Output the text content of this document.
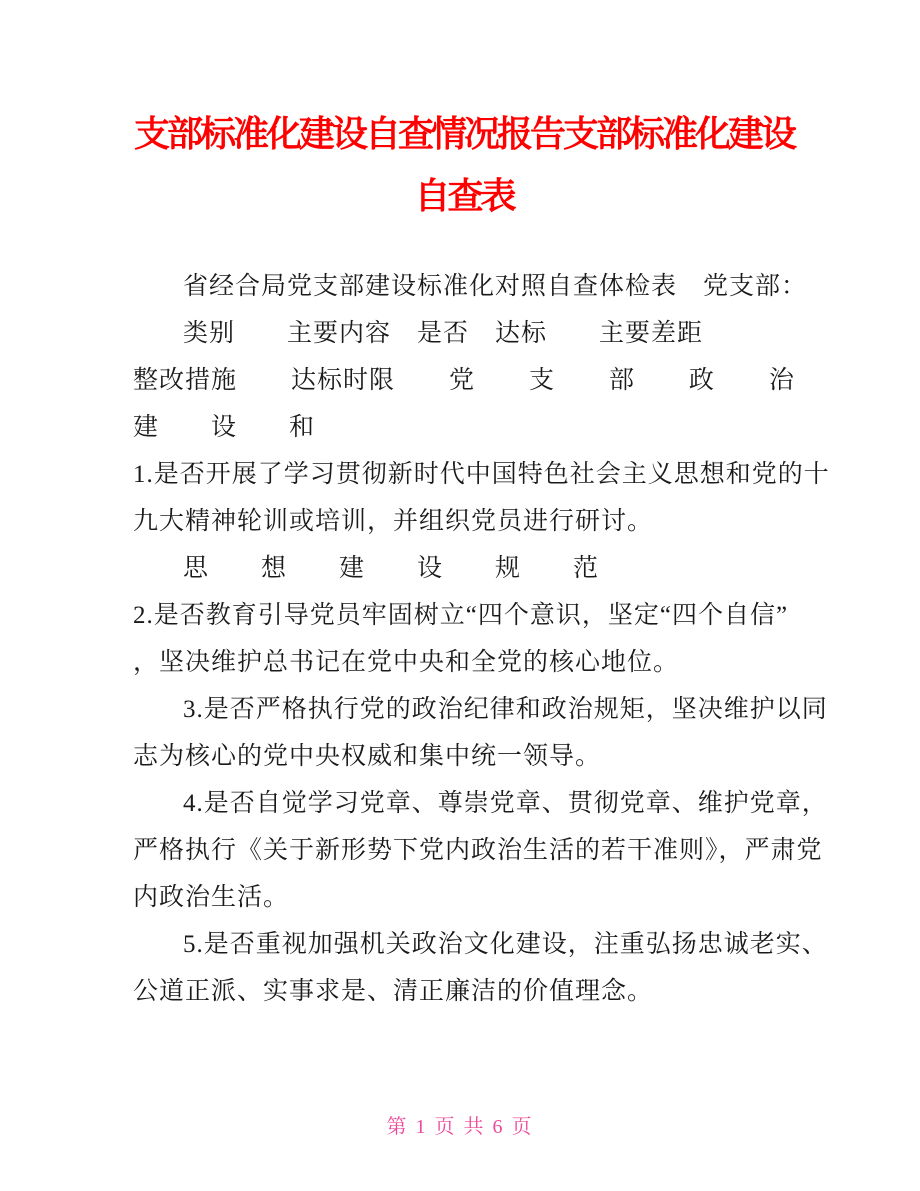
支部标准化建设自查情况报告支部标准化建设
自查表
省经合局党支部建设标准化对照自查体检表　党支部：
类别　　主要内容　是否　达标　　主要差距
整改措施 达标时限 党 支 部 政 治
建　　设　　和
1.是否开展了学习贯彻新时代中国特色社会主义思想和党的十
九大精神轮训或培训，并组织党员进行研讨。
思　　想　　建　　设　　规　　范
2.是否教育引导党员牢固树立“四个意识，坚定“四个自信”
，坚决维护总书记在党中央和全党的核心地位。
3.是否严格执行党的政治纪律和政治规矩，坚决维护以同
志为核心的党中央权威和集中统一领导。
4.是否自觉学习党章、尊崇党章、贯彻党章、维护党章，
严格执行《关于新形势下党内政治生活的若干准则》，严肃党
内政治生活。
5.是否重视加强机关政治文化建设，注重弘扬忠诚老实、
公道正派、实事求是、清正廉洁的价值理念。
第 1 页 共 6 页
